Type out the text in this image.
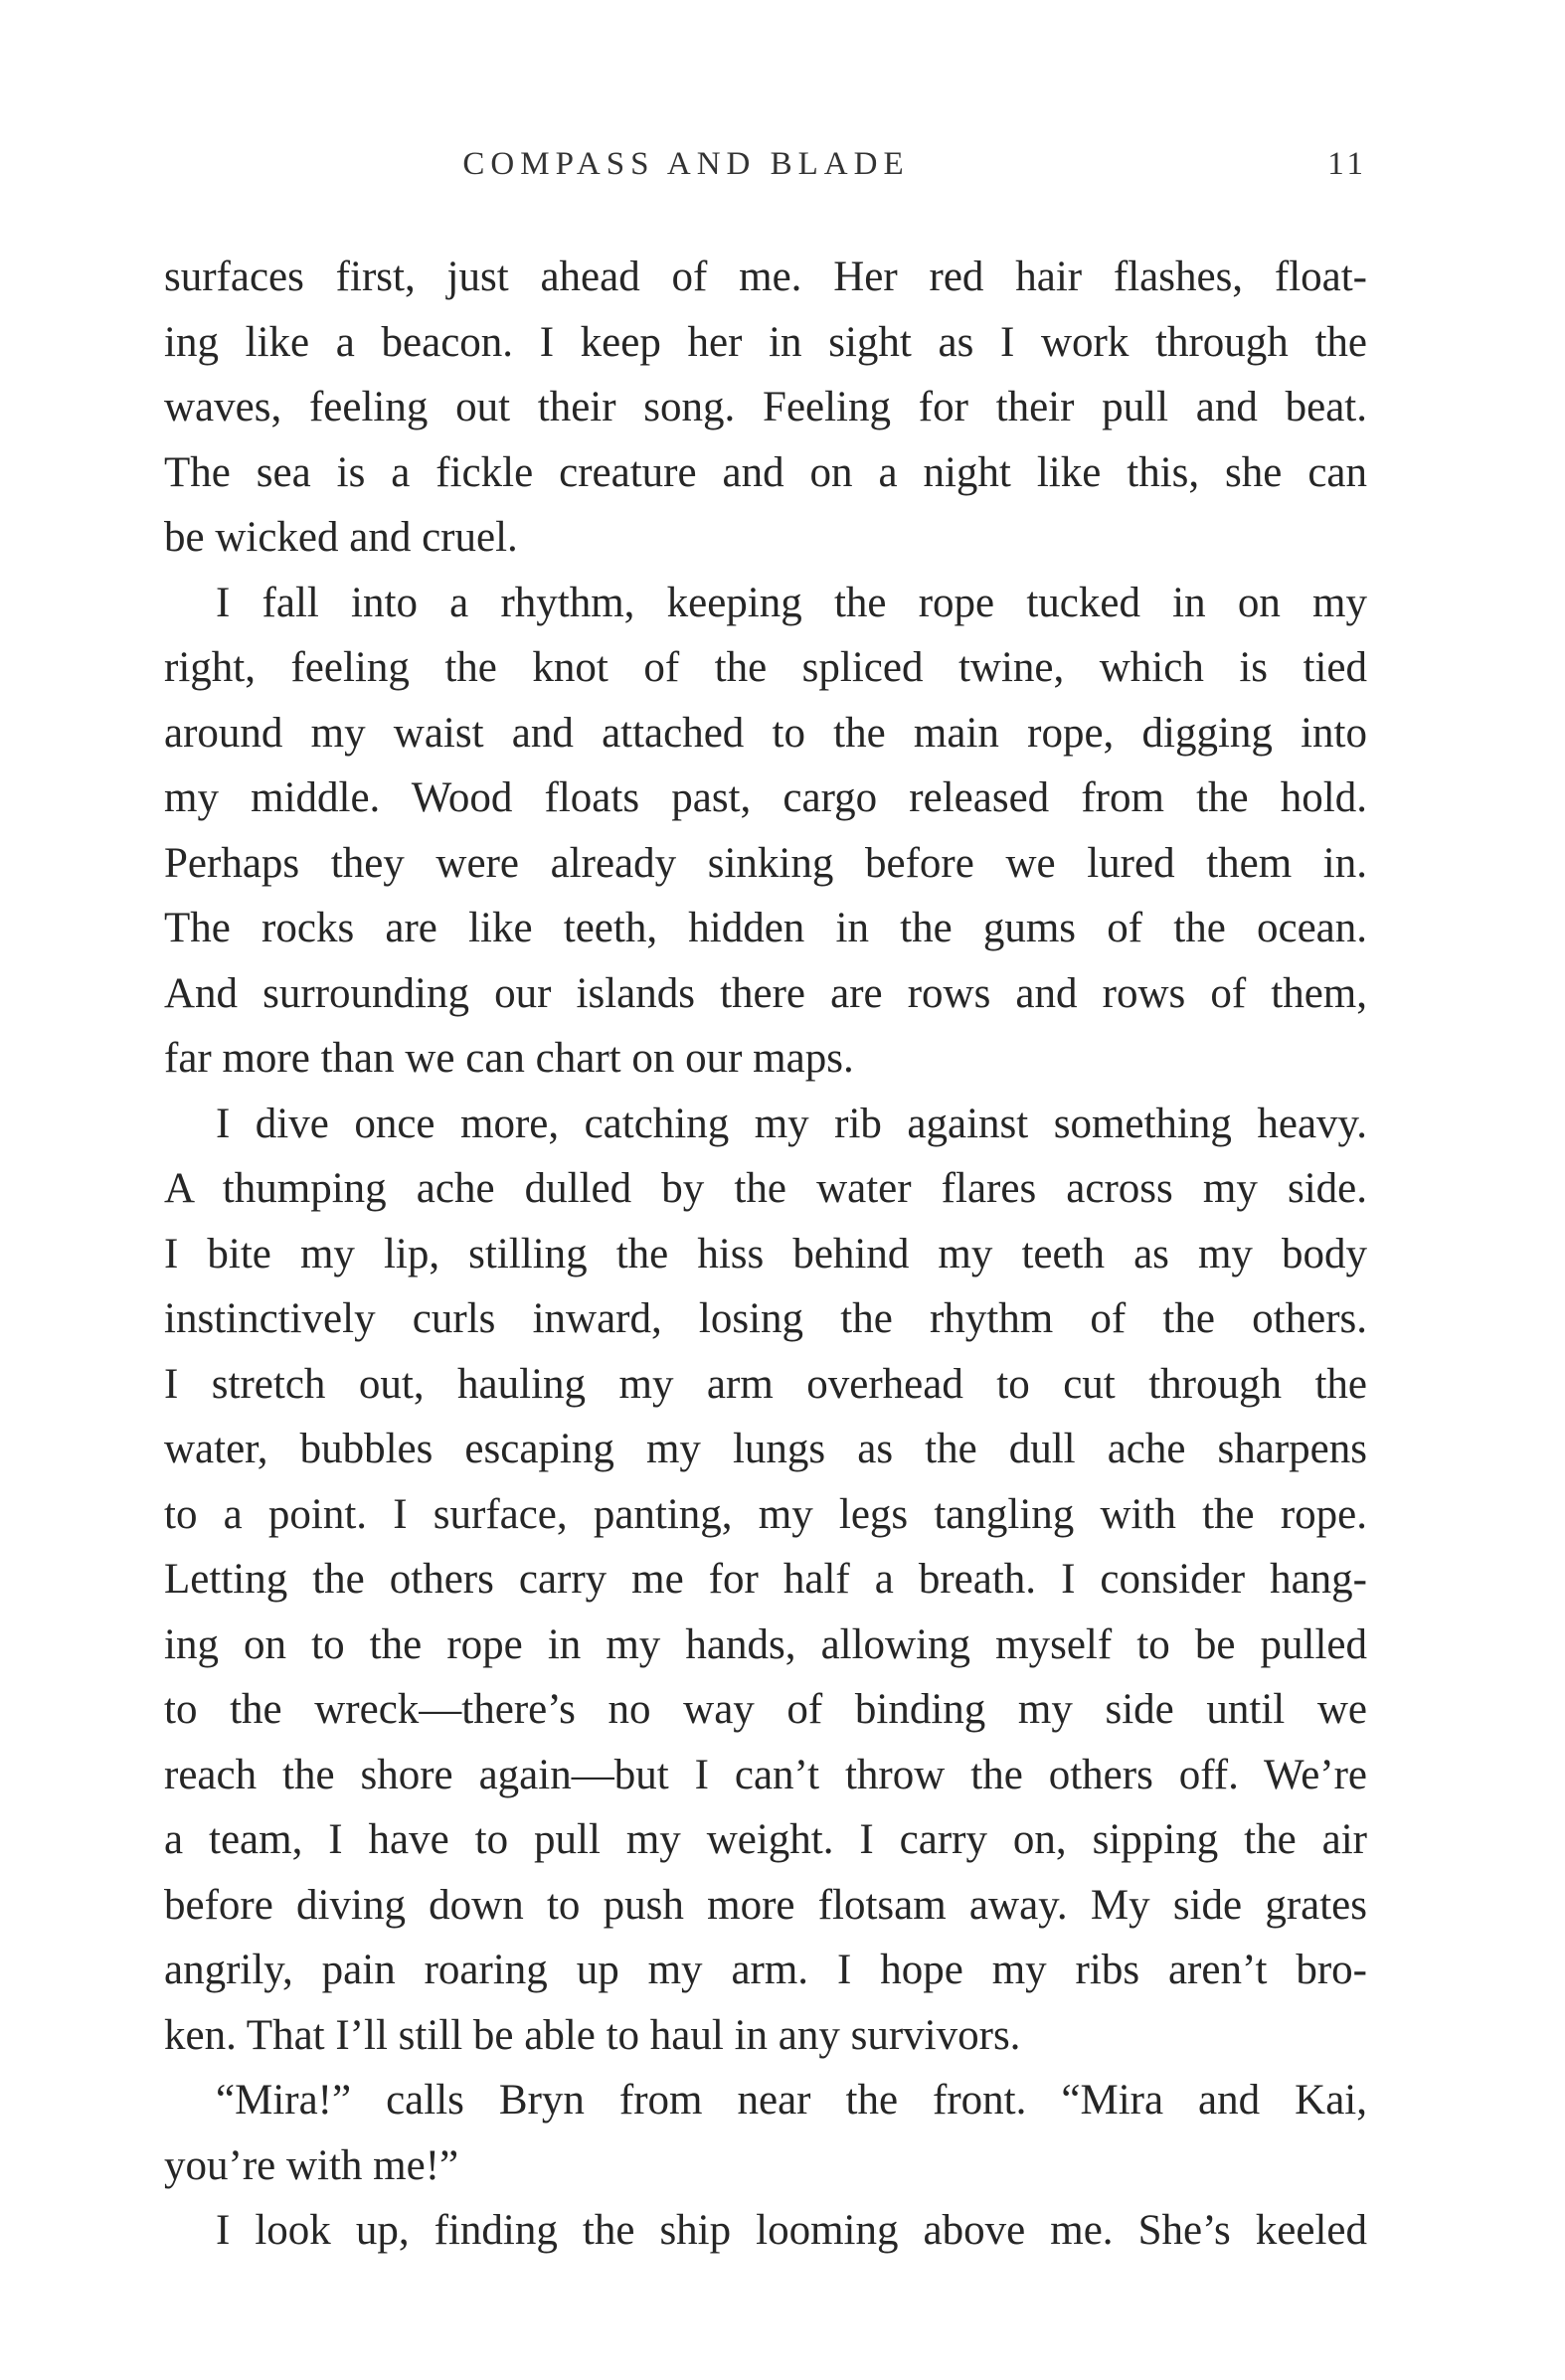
COMPASS AND BLADE	11
surfaces first, just ahead of me. Her red hair flashes, float-
ing like a beacon. I keep her in sight as I work through the
waves, feeling out their song. Feeling for their pull and beat.
The sea is a fickle creature and on a night like this, she can
be wicked and cruel.
I fall into a rhythm, keeping the rope tucked in on my
right, feeling the knot of the spliced twine, which is tied
around my waist and attached to the main rope, digging into
my middle. Wood floats past, cargo released from the hold.
Perhaps they were already sinking before we lured them in.
The rocks are like teeth, hidden in the gums of the ocean.
And surrounding our islands there are rows and rows of them,
far more than we can chart on our maps.
I dive once more, catching my rib against something heavy.
A thumping ache dulled by the water flares across my side.
I bite my lip, stilling the hiss behind my teeth as my body
instinctively curls inward, losing the rhythm of the others.
I stretch out, hauling my arm overhead to cut through the
water, bubbles escaping my lungs as the dull ache sharpens
to a point. I surface, panting, my legs tangling with the rope.
Letting the others carry me for half a breath. I consider hang-
ing on to the rope in my hands, allowing myself to be pulled
to the wreck—there’s no way of binding my side until we
reach the shore again—but I can’t throw the others off. We’re
a team, I have to pull my weight. I carry on, sipping the air
before diving down to push more flotsam away. My side grates
angrily, pain roaring up my arm. I hope my ribs aren’t bro-
ken. That I’ll still be able to haul in any survivors.
“Mira!” calls Bryn from near the front. “Mira and Kai,
you’re with me!”
I look up, finding the ship looming above me. She’s keeled
